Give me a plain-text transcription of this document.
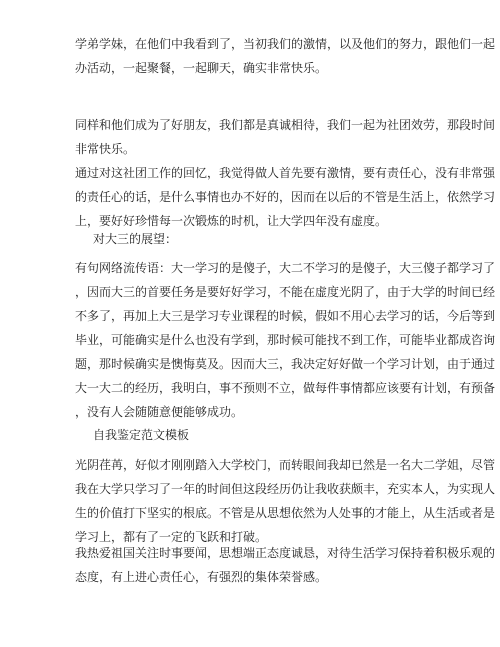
学弟学妹，在他们中我看到了，当初我们的激情，以及他们的努力，跟他们一起
办活动，一起聚餐，一起聊天，确实非常快乐。
同样和他们成为了好朋友，我们都是真诚相待，我们一起为社团效劳，那段时间
非常快乐。
通过对这社团工作的回忆，我觉得做人首先要有激情，要有责任心，没有非常强
的责任心的话，是什么事情也办不好的，因而在以后的不管是生活上，依然学习
上，要好好珍惜每一次锻炼的时机，让大学四年没有虚度。
对大三的展望：
有句网络流传语：大一学习的是傻子，大二不学习的是傻子，大三傻子都学习了
，因而大三的首要任务是要好好学习，不能在虚度光阴了，由于大学的时间已经
不多了，再加上大三是学习专业课程的时候，假如不用心去学习的话，今后等到
毕业，可能确实是什么也没有学到，那时候可能找不到工作，可能毕业都成咨询
题，那时候确实是懊悔莫及。因而大三，我决定好好做一个学习计划，由于通过
大一大二的经历，我明白，事不预则不立，做每件事情都应该要有计划，有预备
，没有人会随随意便能够成功。
自我鉴定范文模板
光阴荏苒，好似才刚刚踏入大学校门，而转眼间我却已然是一名大二学姐，尽管
我在大学只学习了一年的时间但这段经历仍让我收获颇丰，充实本人，为实现人
生的价值打下坚实的根底。不管是从思想依然为人处事的才能上，从生活或者是
学习上，都有了一定的飞跃和打破。
我热爱祖国关注时事要闻，思想端正态度诚恳，对待生活学习保持着积极乐观的
态度，有上进心责任心，有强烈的集体荣誉感。
